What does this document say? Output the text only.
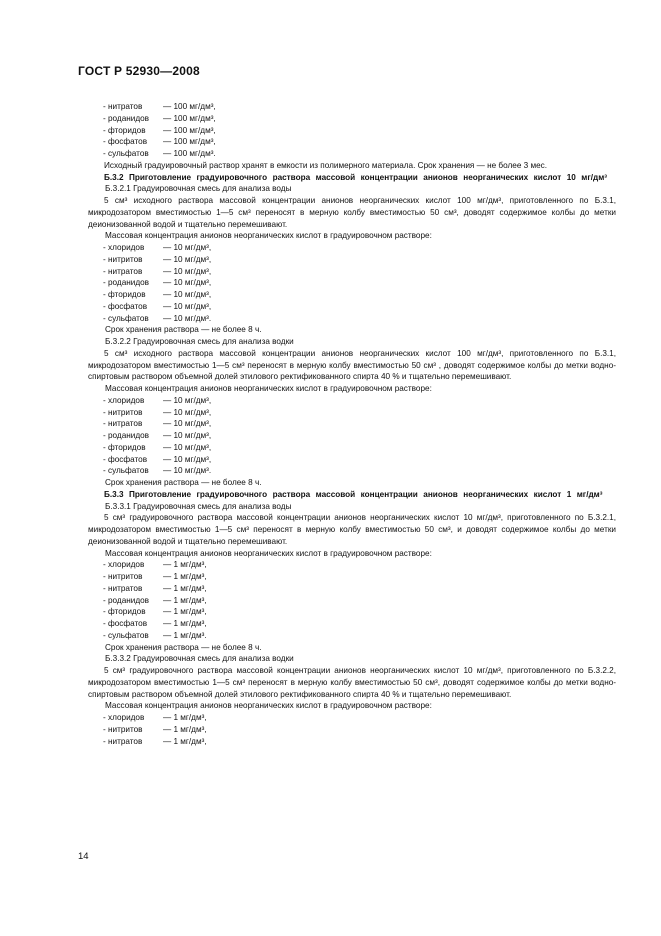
ГОСТ Р 52930—2008
- нитратов	— 100 мг/дм³,
- роданидов	— 100 мг/дм³,
- фторидов	— 100 мг/дм³,
- фосфатов	— 100 мг/дм³,
- сульфатов	— 100 мг/дм³.

Исходный градуировочный раствор хранят в емкости из полимерного материала. Срок хранения — не более 3 мес.

Б.3.2 Приготовление градуировочного раствора массовой концентрации анионов неорганических кислот 10 мг/дм³

Б.3.2.1 Градуировочная смесь для анализа воды

5 см³ исходного раствора массовой концентрации анионов неорганических кислот 100 мг/дм³, приготовленного по Б.3.1, микродозатором вместимостью 1—5 см³ переносят в мерную колбу вместимостью 50 см³, доводят содержимое колбы до метки деионизованной водой и тщательно перемешивают.

Массовая концентрация анионов неорганических кислот в градуировочном растворе:

- хлоридов	— 10 мг/дм³,
- нитритов	— 10 мг/дм³,
- нитратов	— 10 мг/дм³,
- роданидов	— 10 мг/дм³,
- фторидов	— 10 мг/дм³,
- фосфатов	— 10 мг/дм³,
- сульфатов	— 10 мг/дм³.

Срок хранения раствора — не более 8 ч.

Б.3.2.2 Градуировочная смесь для анализа водки

5 см³ исходного раствора массовой концентрации анионов неорганических кислот 100 мг/дм³, приготовленного по Б.3.1, микродозатором вместимостью 1—5 см³ переносят в мерную колбу вместимостью 50 см³ , доводят содержимое колбы до метки водно-спиртовым раствором объемной долей этилового ректификованного спирта 40 % и тщательно перемешивают.

Массовая концентрация анионов неорганических кислот в градуировочном растворе:

- хлоридов	— 10 мг/дм³,
- нитритов	— 10 мг/дм³,
- нитратов	— 10 мг/дм³,
- роданидов	— 10 мг/дм³,
- фторидов	— 10 мг/дм³,
- фосфатов	— 10 мг/дм³,
- сульфатов	— 10 мг/дм³.

Срок хранения раствора — не более 8 ч.

Б.3.3 Приготовление градуировочного раствора массовой концентрации анионов неорганических кислот 1 мг/дм³

Б.3.3.1 Градуировочная смесь для анализа воды

5 см³ градуировочного раствора массовой концентрации анионов неорганических кислот 10 мг/дм³, приготовленного по Б.3.2.1, микродозатором вместимостью 1—5 см³ переносят в мерную колбу вместимостью 50 см³, и доводят содержимое колбы до метки деионизованной водой и тщательно перемешивают.

Массовая концентрация анионов неорганических кислот в градуировочном растворе:

- хлоридов	— 1 мг/дм³,
- нитритов	— 1 мг/дм³,
- нитратов	— 1 мг/дм³,
- роданидов	— 1 мг/дм³,
- фторидов	— 1 мг/дм³,
- фосфатов	— 1 мг/дм³,
- сульфатов	— 1 мг/дм³.

Срок хранения раствора — не более 8 ч.

Б.3.3.2 Градуировочная смесь для анализа водки

5 см³ градуировочного раствора массовой концентрации анионов неорганических кислот 10 мг/дм³, приготовленного по Б.3.2.2, микродозатором вместимостью 1—5 см³ переносят в мерную колбу вместимостью 50 см³, доводят содержимое колбы до метки водно-спиртовым раствором объемной долей этилового ректификованного спирта 40 % и тщательно перемешивают.

Массовая концентрация анионов неорганических кислот в градуировочном растворе:

- хлоридов	— 1 мг/дм³,
- нитритов	— 1 мг/дм³,
- нитратов	— 1 мг/дм³,
14
